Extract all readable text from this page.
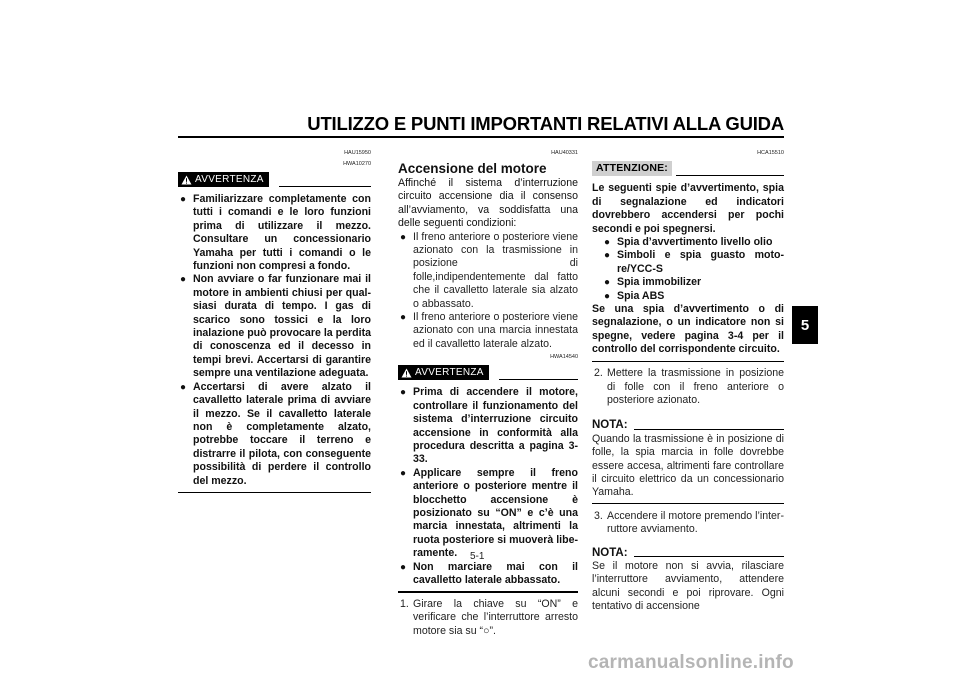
UTILIZZO E PUNTI IMPORTANTI RELATIVI ALLA GUIDA
5
HAU15950
HWA10270
AVVERTENZA
● Familiarizzare completamente con tutti i comandi e le loro funzioni prima di utilizzare il mezzo. Consultare un concessionario Yamaha per tutti i comandi o le funzioni non compresi a fondo.
● Non avviare o far funzionare mai il motore in ambienti chiusi per qualsiasi durata di tempo. I gas di scarico sono tossici e la loro inalazione può provocare la perdita di conoscenza ed il decesso in tempi brevi. Accertarsi di garantire sempre una ventilazione adeguata.
● Accertarsi di avere alzato il cavalletto laterale prima di avviare il mezzo. Se il cavalletto laterale non è completamente alzato, potrebbe toccare il terreno e distrarre il pilota, con conseguente possibilità di perdere il controllo del mezzo.
HAU40331
Accensione del motore

Affinché il sistema d’interruzione circuito accensione dia il consenso all’avviamento, va soddisfatta una delle seguenti condizioni:

● Il freno anteriore o posteriore viene azionato con la trasmissione in posizione di folle,indipendentemente dal fatto che il cavalletto laterale sia alzato o abbassato.
● Il freno anteriore o posteriore viene azionato con una marcia innestata ed il cavalletto laterale alzato.
HWA14540
AVVERTENZA
● Prima di accendere il motore, controllare il funzionamento del sistema d’interruzione circuito accensione in conformità alla procedura descritta a pagina 3-33.
● Applicare sempre il freno anteriore o posteriore mentre il blocchetto accensione è posizionato su “ON” e c’è una marcia innestata, altrimenti la ruota posteriore si muoverà liberamente.
● Non marciare mai con il cavalletto laterale abbassato.
1. Girare la chiave su “ON” e verificare che l’interruttore arresto motore sia su “○”.
HCA15510
ATTENZIONE:

Le seguenti spie d’avvertimento, spia di segnalazione ed indicatori dovrebbero accendersi per pochi secondi e poi spegnersi.

● Spia d’avvertimento livello olio
● Simboli e spia guasto motore/YCC-S
● Spia immobilizer
● Spia ABS

Se una spia d’avvertimento o di segnalazione, o un indicatore non si spegne, vedere pagina 3-4 per il controllo del corrispondente circuito.

2. Mettere la trasmissione in posizione di folle con il freno anteriore o posteriore azionato.
NOTA:

Quando la trasmissione è in posizione di folle, la spia marcia in folle dovrebbe essere accesa, altrimenti fare controllare il circuito elettrico da un concessionario Yamaha.

3. Accendere il motore premendo l’interruttore avviamento.
NOTA:

Se il motore non si avvia, rilasciare l’interruttore avviamento, attendere alcuni secondi e poi riprovare. Ogni tentativo di accensione

5-1
carmanualsonline.info
